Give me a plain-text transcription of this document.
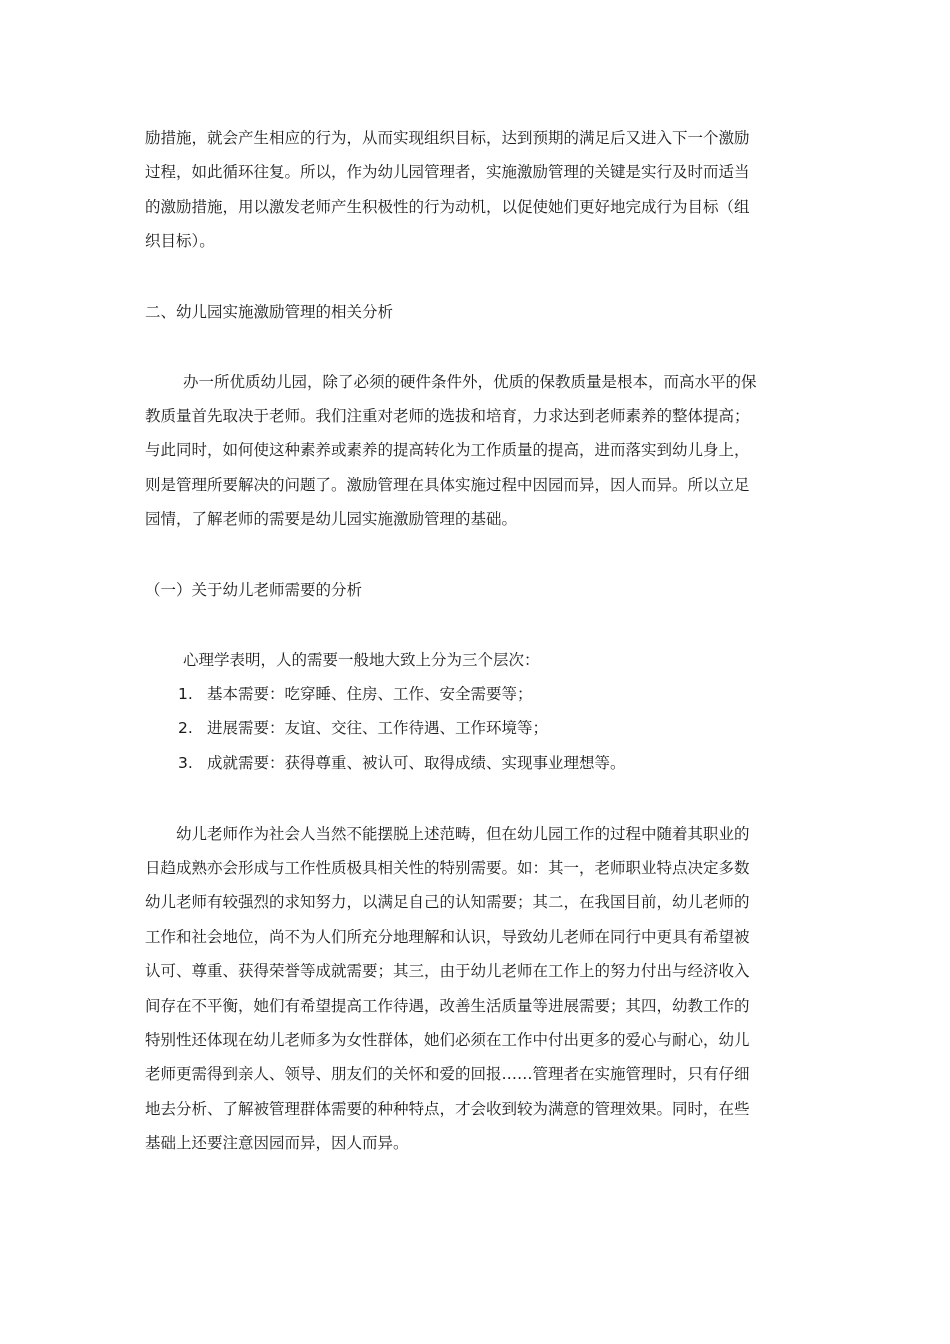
励措施，就会产生相应的行为，从而实现组织目标，达到预期的满足后又进入下一个激励
过程，如此循环往复。所以，作为幼儿园管理者，实施激励管理的关键是实行及时而适当
的激励措施，用以激发老师产生积极性的行为动机，以促使她们更好地完成行为目标（组
织目标）。
二、幼儿园实施激励管理的相关分析
办一所优质幼儿园，除了必须的硬件条件外，优质的保教质量是根本，而高水平的保
教质量首先取决于老师。我们注重对老师的选拔和培育，力求达到老师素养的整体提高；
与此同时，如何使这种素养或素养的提高转化为工作质量的提高，进而落实到幼儿身上，
则是管理所要解决的问题了。激励管理在具体实施过程中因园而异，因人而异。所以立足
园情，了解老师的需要是幼儿园实施激励管理的基础。
（一）关于幼儿老师需要的分析
心理学表明，人的需要一般地大致上分为三个层次：
1. 基本需要：吃穿睡、住房、工作、安全需要等；
2. 进展需要：友谊、交往、工作待遇、工作环境等；
3. 成就需要：获得尊重、被认可、取得成绩、实现事业理想等。
幼儿老师作为社会人当然不能摆脱上述范畴，但在幼儿园工作的过程中随着其职业的
日趋成熟亦会形成与工作性质极具相关性的特别需要。如：其一，老师职业特点决定多数
幼儿老师有较强烈的求知努力，以满足自己的认知需要；其二，在我国目前，幼儿老师的
工作和社会地位，尚不为人们所充分地理解和认识，导致幼儿老师在同行中更具有希望被
认可、尊重、获得荣誉等成就需要；其三，由于幼儿老师在工作上的努力付出与经济收入
间存在不平衡，她们有希望提高工作待遇，改善生活质量等进展需要；其四，幼教工作的
特别性还体现在幼儿老师多为女性群体，她们必须在工作中付出更多的爱心与耐心，幼儿
老师更需得到亲人、领导、朋友们的关怀和爱的回报……管理者在实施管理时，只有仔细
地去分析、了解被管理群体需要的种种特点，才会收到较为满意的管理效果。同时，在些
基础上还要注意因园而异，因人而异。
